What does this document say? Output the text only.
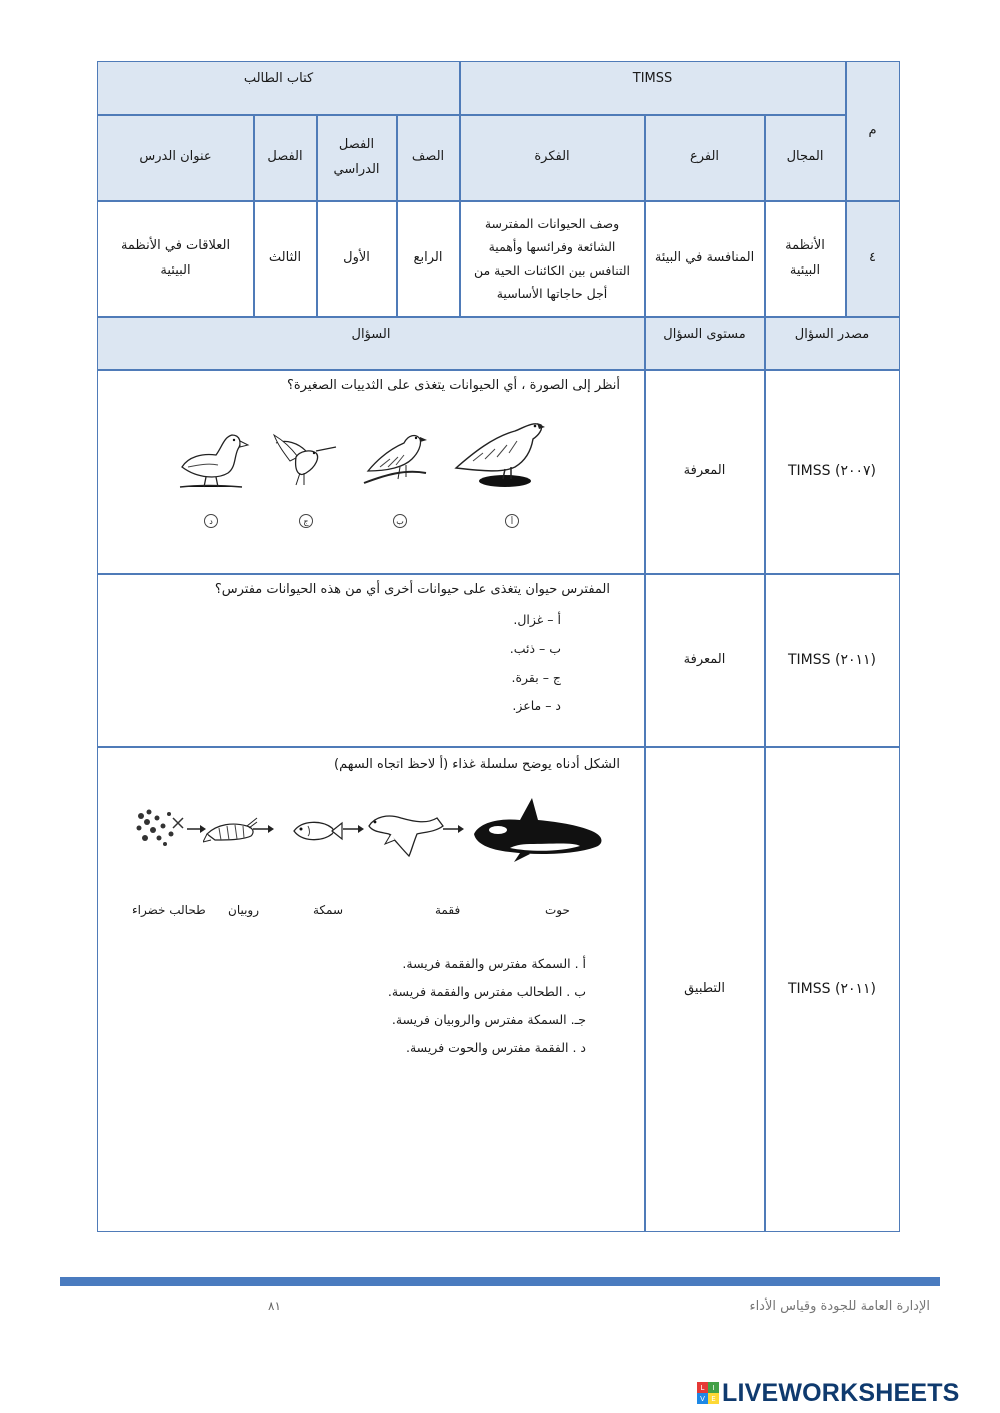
م
TIMSS
كتاب الطالب
المجال
الفرع
الفكرة
الصف
الفصل
الدراسي
الفصل
عنوان الدرس
٤
الأنظمة
البيئية
المنافسة في البيئة
وصف الحيوانات المفترسة
الشائعة وفرائسها وأهمية
التنافس بين الكائنات الحية من
أجل حاجاتها الأساسية
الرابع
الأول
الثالث
العلاقات في الأنظمة
البيئية
مصدر السؤال
مستوى السؤال
السؤال
TIMSS (٢٠٠٧)
المعرفة
أنظر إلى الصورة ، أي الحيوانات يتغذى على الثدييات الصغيرة؟
أ
ب
ج
د
TIMSS (٢٠١١)
المعرفة
المفترس حيوان يتغذى على حيوانات أخرى أي من هذه الحيوانات مفترس؟
أ – غزال.
ب – ذئب.
ج – بقرة.
د – ماعز.
TIMSS (٢٠١١)
التطبيق
الشكل أدناه يوضح سلسلة غذاء (أ لاحظ اتجاه السهم)
حوت
فقمة
سمكة
روبيان
طحالب خضراء
أ . السمكة مفترس والفقمة فريسة.
ب . الطحالب مفترس والفقمة فريسة.
جـ. السمكة مفترس والروبيان فريسة.
د . الفقمة مفترس والحوت فريسة.
٨١	الإدارة العامة للجودة وقياس الأداء
L	I
V E LIVEWORKSHEETS
